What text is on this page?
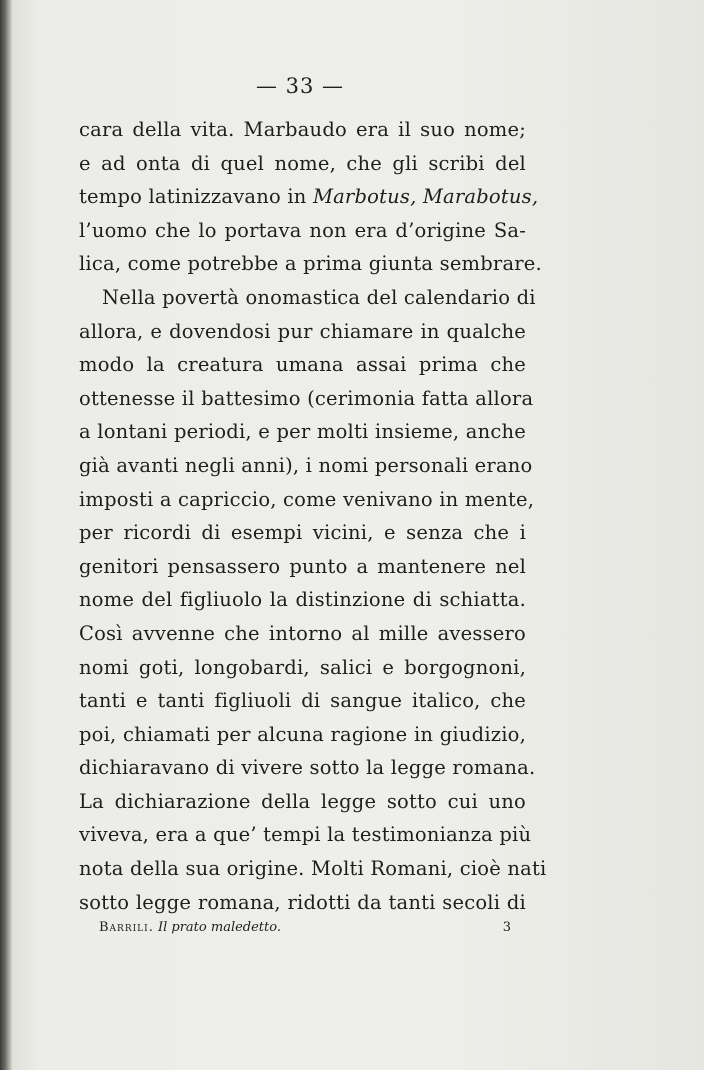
— 33 —
cara della vita. Marbaudo era il suo nome;
e ad onta di quel nome, che gli scribi del
tempo latinizzavano in Marbotus, Marabotus,
l’uomo che lo portava non era d’origine Sa-
lica, come potrebbe a prima giunta sembrare.
Nella povertà onomastica del calendario di
allora, e dovendosi pur chiamare in qualche
modo la creatura umana assai prima che
ottenesse il battesimo (cerimonia fatta allora
a lontani periodi, e per molti insieme, anche
già avanti negli anni), i nomi personali erano
imposti a capriccio, come venivano in mente,
per ricordi di esempi vicini, e senza che i
genitori pensassero punto a mantenere nel
nome del figliuolo la distinzione di schiatta.
Così avvenne che intorno al mille avessero
nomi goti, longobardi, salici e borgognoni,
tanti e tanti figliuoli di sangue italico, che
poi, chiamati per alcuna ragione in giudizio,
dichiaravano di vivere sotto la legge romana.
La dichiarazione della legge sotto cui uno
viveva, era a que’ tempi la testimonianza più
nota della sua origine. Molti Romani, cioè nati
sotto legge romana, ridotti da tanti secoli di
Barrili. Il prato maledetto.	3
